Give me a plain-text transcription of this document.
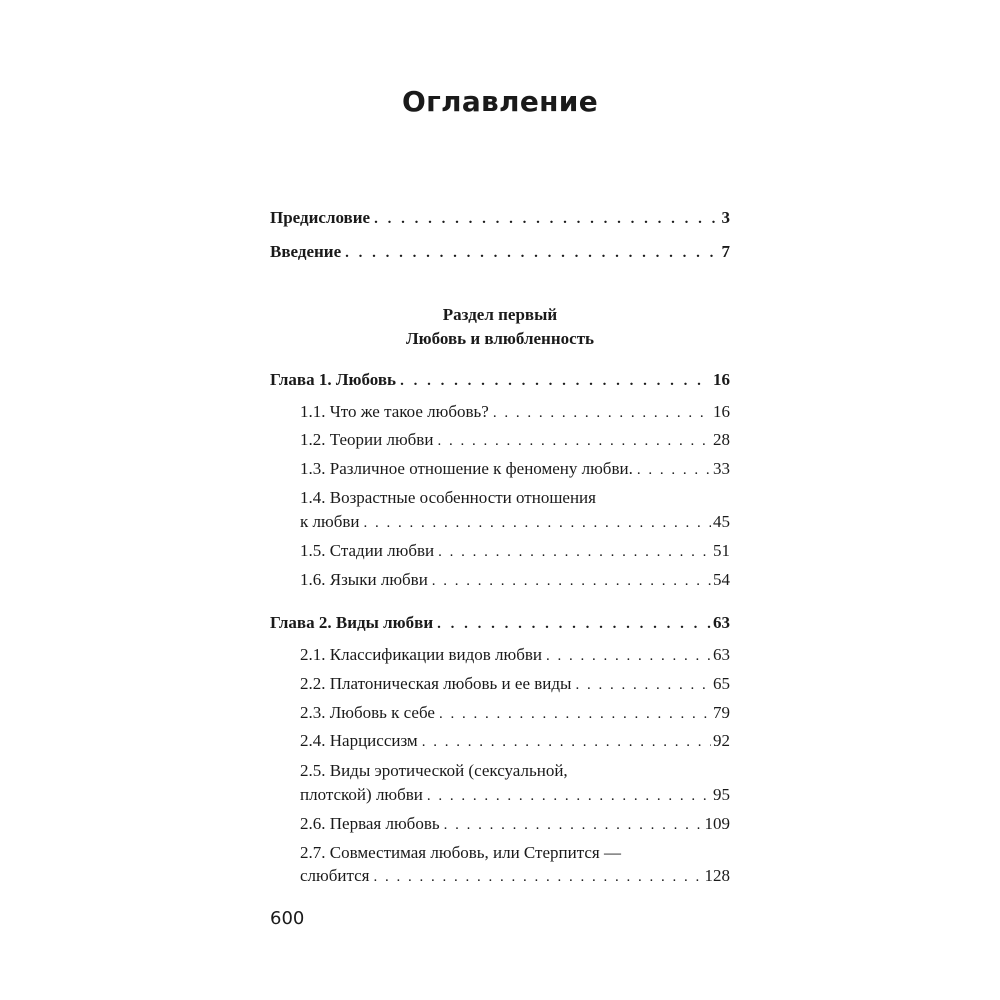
Оглавление
Предисловие . . .	3
Введение . . .	7
Раздел первый
Любовь и влюбленность
Глава 1. Любовь . . .	16
1.1. Что же такое любовь? . . .	16
1.2. Теории любви . . .	28
1.3. Различное отношение к феномену любви. . . .	33
1.4. Возрастные особенности отношения
к любви . . .	45
1.5. Стадии любви . . .	51
1.6. Языки любви . . .	54
Глава 2. Виды любви . . .	63
2.1. Классификации видов любви . . .	63
2.2. Платоническая любовь и ее виды . . .	65
2.3. Любовь к себе . . .	79
2.4. Нарциссизм . . .	92
2.5. Виды эротической (сексуальной,
плотской) любви . . .	95
2.6. Первая любовь . . .	109
2.7. Совместимая любовь, или Стерпится —
слюбится . . .	128
600
